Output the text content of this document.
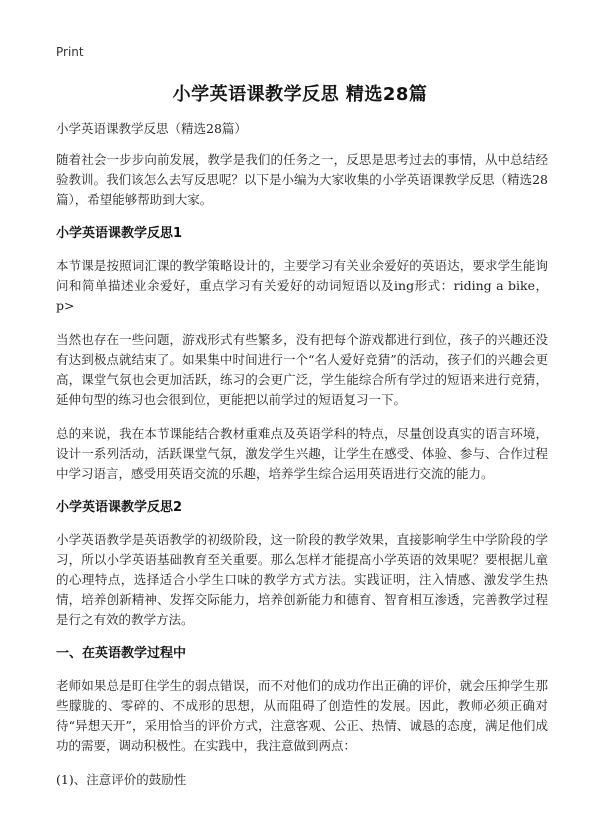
Print
小学英语课教学反思 精选28篇

小学英语课教学反思（精选28篇）

随着社会一步步向前发展，教学是我们的任务之一，反思是思考过去的事情，从中总结经验教训。我们该怎么去写反思呢？以下是小编为大家收集的小学英语课教学反思（精选28篇），希望能够帮助到大家。

小学英语课教学反思1

本节课是按照词汇课的教学策略设计的，主要学习有关业余爱好的英语达，要求学生能询问和简单描述业余爱好，重点学习有关爱好的动词短语以及ing形式：riding a bike，p>

当然也存在一些问题，游戏形式有些繁多，没有把每个游戏都进行到位，孩子的兴趣还没有达到极点就结束了。如果集中时间进行一个“名人爱好竞猜”的活动，孩子们的兴趣会更高，课堂气氛也会更加活跃，练习的会更广泛，学生能综合所有学过的短语来进行竞猜，延伸句型的练习也会很到位，更能把以前学过的短语复习一下。

总的来说，我在本节课能结合教材重难点及英语学科的特点，尽量创设真实的语言环境，设计一系列活动，活跃课堂气氛，激发学生兴趣，让学生在感受、体验、参与、合作过程中学习语言，感受用英语交流的乐趣，培养学生综合运用英语进行交流的能力。

小学英语课教学反思2

小学英语教学是英语教学的初级阶段，这一阶段的教学效果，直接影响学生中学阶段的学习，所以小学英语基础教育至关重要。那么怎样才能提高小学英语的效果呢？要根据儿童的心理特点，选择适合小学生口味的教学方式方法。实践证明，注入情感、激发学生热情，培养创新精神、发挥交际能力，培养创新能力和德育、智育相互渗透，完善教学过程是行之有效的教学方法。

一、在英语教学过程中

老师如果总是盯住学生的弱点错误，而不对他们的成功作出正确的评价，就会压抑学生那些朦胧的、零碎的、不成形的思想，从而阻碍了创造性的发展。因此，教师必须正确对待“异想天开”，采用恰当的评价方式，注意客观、公正、热情、诚恳的态度，满足他们成功的需要，调动积极性。在实践中，我注意做到两点：

(1)、注意评价的鼓励性
